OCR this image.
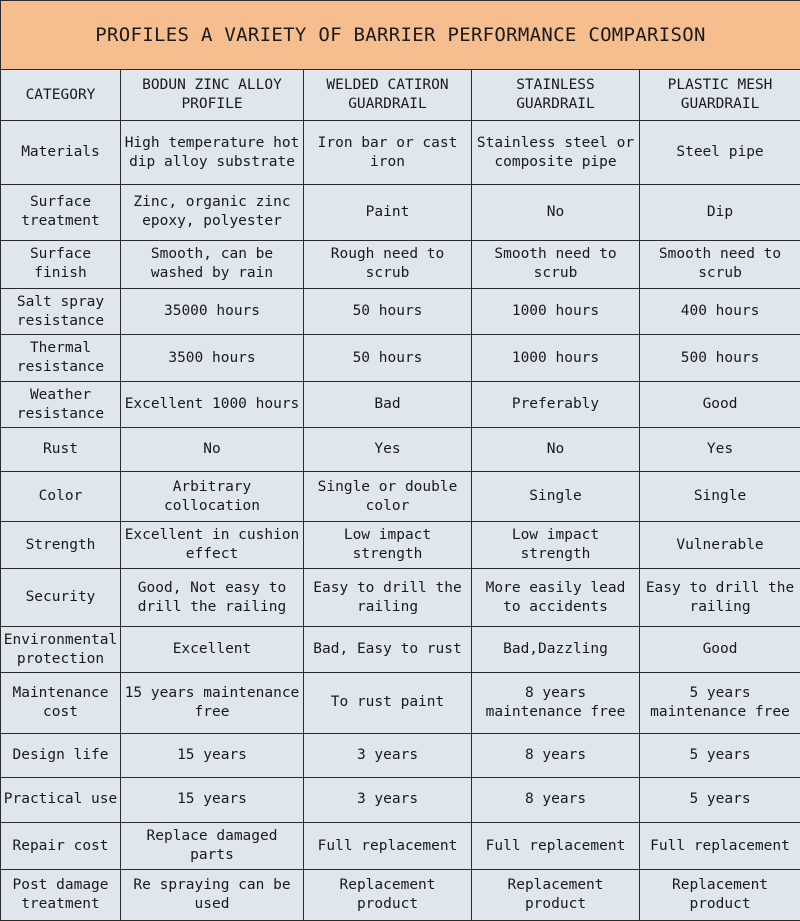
PROFILES A VARIETY OF BARRIER PERFORMANCE COMPARISON				
CATEGORY	BODUN ZINC ALLOY PROFILE	WELDED CATIRON GUARDRAIL	STAINLESS GUARDRAIL	PLASTIC MESH GUARDRAIL
Materials	High temperature hot dip alloy substrate	Iron bar or cast iron	Stainless steel or composite pipe	Steel pipe
Surface treatment	Zinc, organic zinc epoxy, polyester	Paint	No	Dip
Surface finish	Smooth, can be washed by rain	Rough need to scrub	Smooth need to scrub	Smooth need to scrub
Salt spray resistance	35000 hours	50 hours	1000 hours	400 hours
Thermal resistance	3500 hours	50 hours	1000 hours	500 hours
Weather resistance	Excellent 1000 hours	Bad	Preferably	Good
Rust	No	Yes	No	Yes
Color	Arbitrary collocation	Single or double color	Single	Single
Strength	Excellent in cushion effect	Low impact strength	Low impact strength	Vulnerable
Security	Good, Not easy to drill the railing	Easy to drill the railing	More easily lead to accidents	Easy to drill the railing
Environmental protection	Excellent	Bad, Easy to rust	Bad,Dazzling	Good
Maintenance cost	15 years maintenance free	To rust paint	8 years maintenance free	5 years maintenance free
Design life	15 years	3 years	8 years	5 years
Practical use	15 years	3 years	8 years	5 years
Repair cost	Replace damaged parts	Full replacement	Full replacement	Full replacement
Post damage treatment	Re spraying can be used	Replacement product	Replacement product	Replacement product
